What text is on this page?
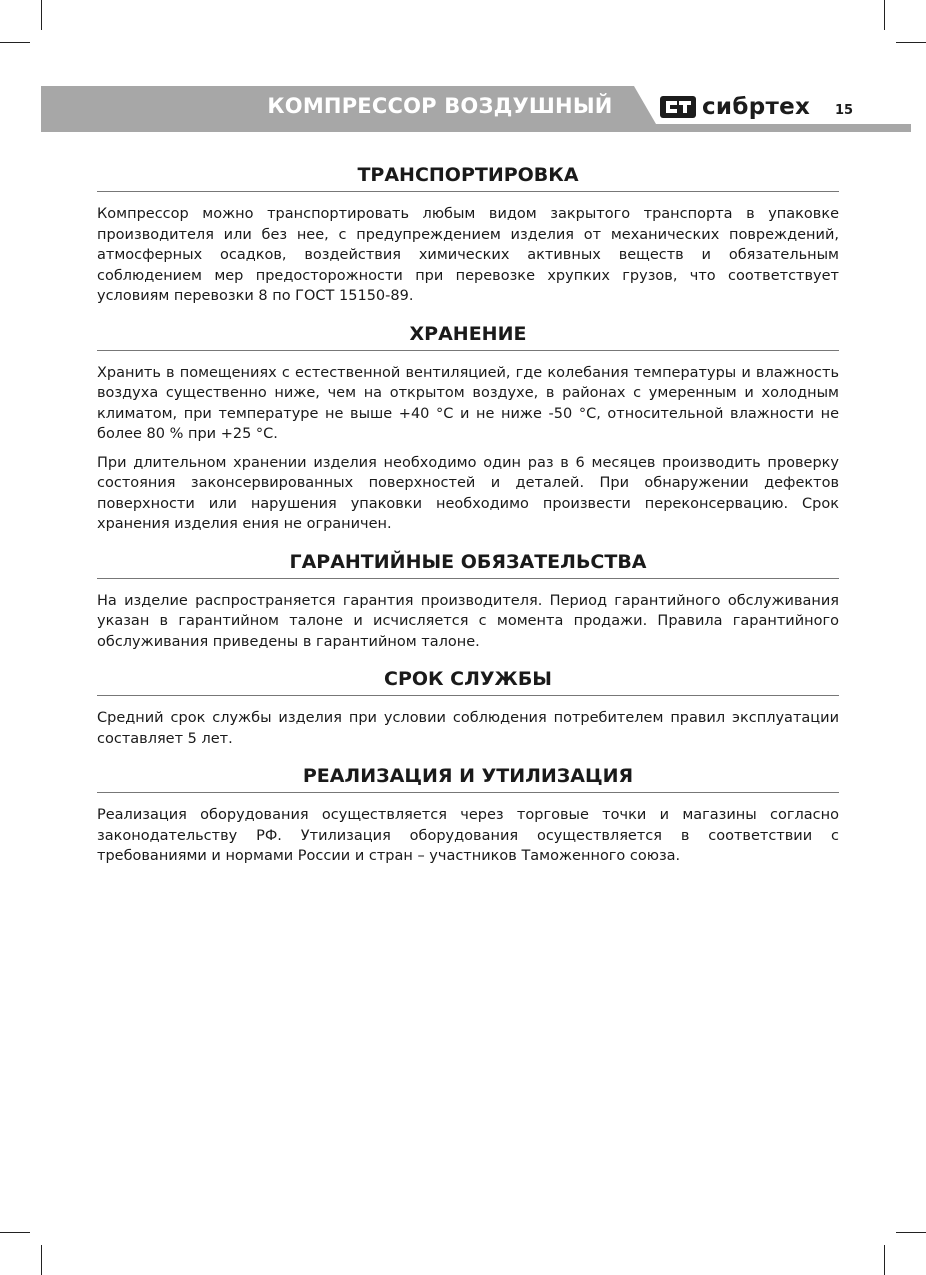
КОМПРЕССОР ВОЗДУШНЫЙ	сибртех 15
ТРАНСПОРТИРОВКА

Компрессор можно транспортировать любым видом закрытого транспорта в упаковке производителя или без нее, с предупреждением изделия от механических повреждений, атмосферных осадков, воздействия химических активных веществ и обязательным соблюдением мер предосторожности при перевозке хрупких грузов, что соответствует условиям перевозки 8 по ГОСТ 15150-89.

ХРАНЕНИЕ

Хранить в помещениях с естественной вентиляцией, где колебания температуры и влажность воздуха существенно ниже, чем на открытом воздухе, в районах с умеренным и холодным климатом, при температуре не выше +40 °С и не ниже -50 °С, относительной влажности не более 80 % при +25 °С.

При длительном хранении изделия необходимо один раз в 6 месяцев производить проверку состояния законсервированных поверхностей и деталей. При обнаружении дефектов поверхности или нарушения упаковки необходимо произвести переконсервацию. Срок хранения изделия ения не ограничен.

ГАРАНТИЙНЫЕ ОБЯЗАТЕЛЬСТВА

На изделие распространяется гарантия производителя. Период гарантийного обслуживания указан в гарантийном талоне и исчисляется с момента продажи. Правила гарантийного обслуживания приведены в гарантийном талоне.

СРОК СЛУЖБЫ

Средний срок службы изделия при условии соблюдения потребителем правил эксплуатации составляет 5 лет.

РЕАЛИЗАЦИЯ И УТИЛИЗАЦИЯ

Реализация оборудования осуществляется через торговые точки и магазины согласно законодательству РФ. Утилизация оборудования осуществляется в соответствии с требованиями и нормами России и стран – участников Таможенного союза.
